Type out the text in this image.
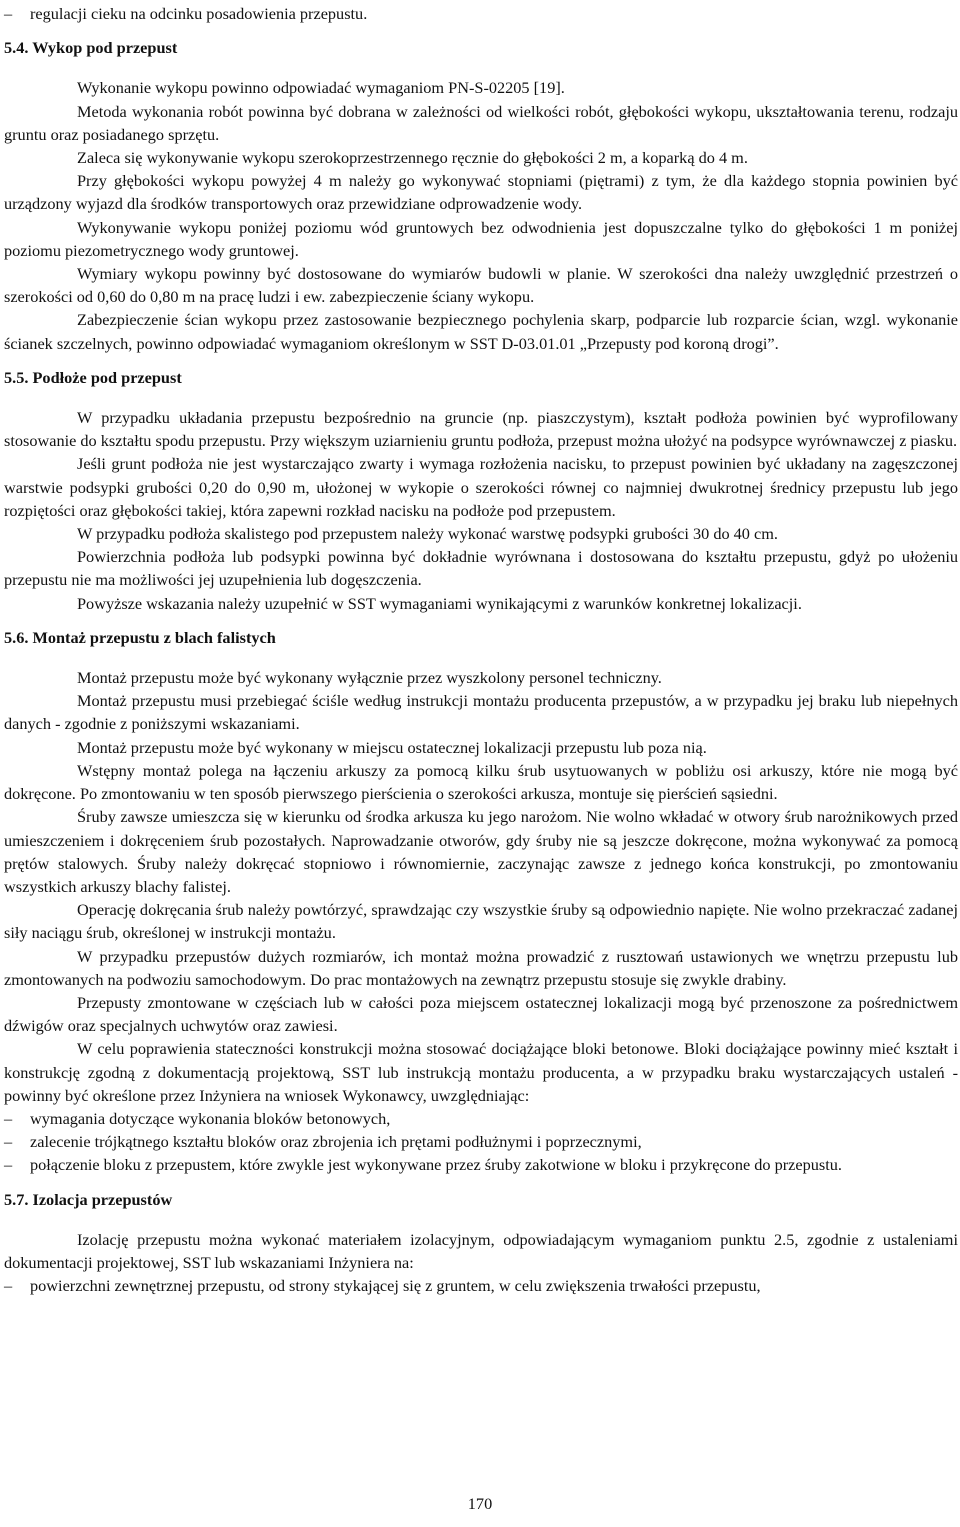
– regulacji cieku na odcinku posadowienia przepustu.
5.4. Wykop pod przepust

Wykonanie wykopu powinno odpowiadać wymaganiom PN-S-02205 [19].

Metoda wykonania robót powinna być dobrana w zależności od wielkości robót, głębokości wykopu, ukształtowania terenu, rodzaju gruntu oraz posiadanego sprzętu.

Zaleca się wykonywanie wykopu szerokoprzestrzennego ręcznie do głębokości 2 m, a koparką do 4 m.

Przy głębokości wykopu powyżej 4 m należy go wykonywać stopniami (piętrami) z tym, że dla każdego stopnia powinien być urządzony wyjazd dla środków transportowych oraz przewidziane odprowadzenie wody.

Wykonywanie wykopu poniżej poziomu wód gruntowych bez odwodnienia jest dopuszczalne tylko do głębokości 1 m poniżej poziomu piezometrycznego wody gruntowej.

Wymiary wykopu powinny być dostosowane do wymiarów budowli w planie. W szerokości dna należy uwzględnić przestrzeń o szerokości od 0,60 do 0,80 m na pracę ludzi i ew. zabezpieczenie ściany wykopu.

Zabezpieczenie ścian wykopu przez zastosowanie bezpiecznego pochylenia skarp, podparcie lub rozparcie ścian, wzgl. wykonanie ścianek szczelnych, powinno odpowiadać wymaganiom określonym w SST D-03.01.01 „Przepusty pod koroną drogi”.

5.5. Podłoże pod przepust

W przypadku układania przepustu bezpośrednio na gruncie (np. piaszczystym), kształt podłoża powinien być wyprofilowany stosowanie do kształtu spodu przepustu. Przy większym uziarnieniu gruntu podłoża, przepust można ułożyć na podsypce wyrównawczej z piasku.

Jeśli grunt podłoża nie jest wystarczająco zwarty i wymaga rozłożenia nacisku, to przepust powinien być układany na zagęszczonej warstwie podsypki grubości 0,20 do 0,90 m, ułożonej w wykopie o szerokości równej co najmniej dwukrotnej średnicy przepustu lub jego rozpiętości oraz głębokości takiej, która zapewni rozkład nacisku na podłoże pod przepustem.

W przypadku podłoża skalistego pod przepustem należy wykonać warstwę podsypki grubości 30 do 40 cm.

Powierzchnia podłoża lub podsypki powinna być dokładnie wyrównana i dostosowana do kształtu przepustu, gdyż po ułożeniu przepustu nie ma możliwości jej uzupełnienia lub dogęszczenia.

Powyższe wskazania należy uzupełnić w SST wymaganiami wynikającymi z warunków konkretnej lokalizacji.

5.6. Montaż przepustu z blach falistych

Montaż przepustu może być wykonany wyłącznie przez wyszkolony personel techniczny.

Montaż przepustu musi przebiegać ściśle według instrukcji montażu producenta przepustów, a w przypadku jej braku lub niepełnych danych - zgodnie z poniższymi wskazaniami.

Montaż przepustu może być wykonany w miejscu ostatecznej lokalizacji przepustu lub poza nią.

Wstępny montaż polega na łączeniu arkuszy za pomocą kilku śrub usytuowanych w pobliżu osi arkuszy, które nie mogą być dokręcone. Po zmontowaniu w ten sposób pierwszego pierścienia o szerokości arkusza, montuje się pierścień sąsiedni.

Śruby zawsze umieszcza się w kierunku od środka arkusza ku jego narożom. Nie wolno wkładać w otwory śrub narożnikowych przed umieszczeniem i dokręceniem śrub pozostałych. Naprowadzanie otworów, gdy śruby nie są jeszcze dokręcone, można wykonywać za pomocą prętów stalowych. Śruby należy dokręcać stopniowo i równomiernie, zaczynając zawsze z jednego końca konstrukcji, po zmontowaniu wszystkich arkuszy blachy falistej.

Operację dokręcania śrub należy powtórzyć, sprawdzając czy wszystkie śruby są odpowiednio napięte. Nie wolno przekraczać zadanej siły naciągu śrub, określonej w instrukcji montażu.

W przypadku przepustów dużych rozmiarów, ich montaż można prowadzić z rusztowań ustawionych we wnętrzu przepustu lub zmontowanych na podwoziu samochodowym. Do prac montażowych na zewnątrz przepustu stosuje się zwykle drabiny.

Przepusty zmontowane w częściach lub w całości poza miejscem ostatecznej lokalizacji mogą być przenoszone za pośrednictwem dźwigów oraz specjalnych uchwytów oraz zawiesi.

W celu poprawienia stateczności konstrukcji można stosować dociążające bloki betonowe. Bloki dociążające powinny mieć kształt i konstrukcję zgodną z dokumentacją projektową, SST lub instrukcją montażu producenta, a w przypadku braku wystarczających ustaleń - powinny być określone przez Inżyniera na wniosek Wykonawcy, uwzględniając:

– wymagania dotyczące wykonania bloków betonowych,
– zalecenie trójkątnego kształtu bloków oraz zbrojenia ich prętami podłużnymi i poprzecznymi,
– połączenie bloku z przepustem, które zwykle jest wykonywane przez śruby zakotwione w bloku i przykręcone do przepustu.
5.7. Izolacja przepustów

Izolację przepustu można wykonać materiałem izolacyjnym, odpowiadającym wymaganiom punktu 2.5, zgodnie z ustaleniami dokumentacji projektowej, SST lub wskazaniami Inżyniera na:

– powierzchni zewnętrznej przepustu, od strony stykającej się z gruntem, w celu zwiększenia trwałości przepustu,
170
